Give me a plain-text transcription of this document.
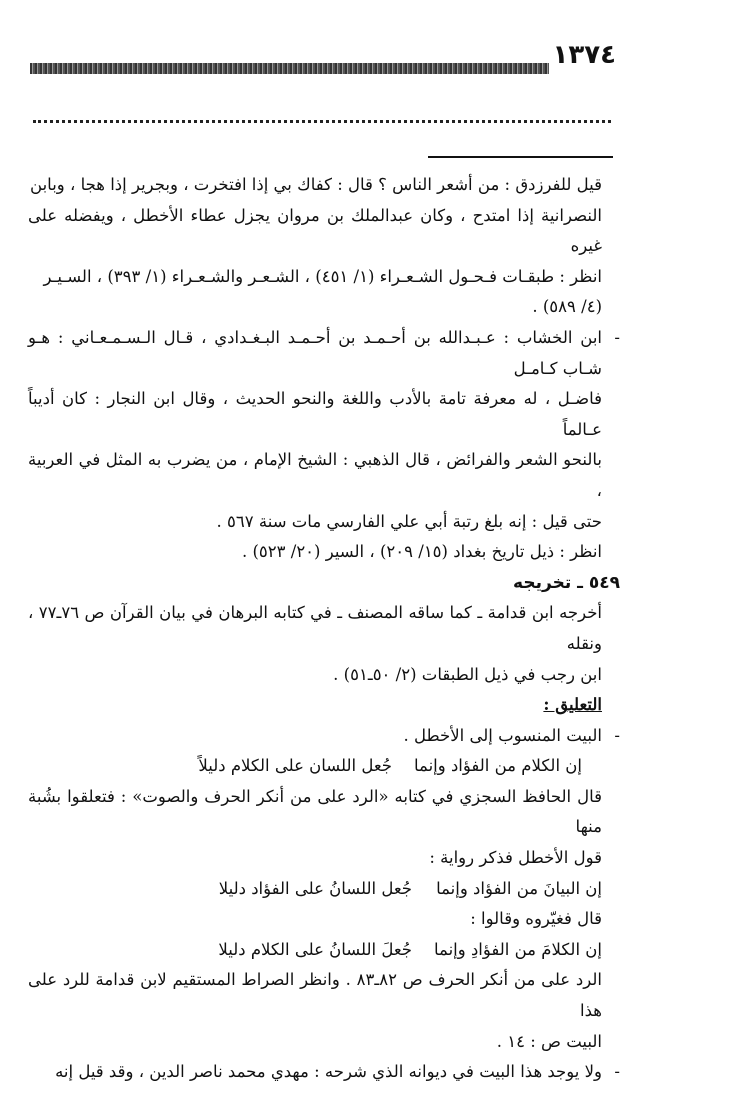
١٣٧٤

قيل للفرزدق : من أشعر الناس ؟ قال : كفاك بي إذا افتخرت ، وبجرير إذا هجا ، وبابن

النصرانية إذا امتدح ، وكان عبدالملك بن مروان يجزل عطاء الأخطل ، ويفضله على غيره

انظر : طبقـات فـحـول الشـعـراء (١/ ٤٥١) ، الشـعـر والشـعـراء (١/ ٣٩٣) ، السـيـر

(٤/ ٥٨٩) .

-

ابن الخشاب : عـبـدالله بن أحـمـد بن أحـمـد البـغـدادي ، قـال الـسـمـعـاني : هـو شـاب كـامـل

فاضـل ، له معرفة تامة بالأدب واللغة والنحو الحديث ، وقال ابن النجار : كان أديباً عـالماً

بالنحو الشعر والفرائض ، قال الذهبي : الشيخ الإمام ، من يضرب به المثل في العربية ،

حتى قيل : إنه بلغ رتبة أبي علي الفارسي مات سنة ٥٦٧ .

انظر : ذيل تاريخ بغداد (١٥/ ٢٠٩) ، السير (٢٠/ ٥٢٣) .

٥٤٩ ـ تخريجه

أخرجه ابن قدامة ـ كما ساقه المصنف ـ في كتابه البرهان في بيان القرآن ص ٧٦ـ٧٧ ، ونقله

ابن رجب في ذيل الطبقات (٢/ ٥٠ـ٥١) .

التعليق :

-

البيت المنسوب إلى الأخطل .

إن الكلام من الفؤاد وإنما
جُعل اللسان على الكلام دليلاً

قال الحافظ السجزي في كتابه «الرد على من أنكر الحرف والصوت» : فتعلقوا بشُبة منها

قول الأخطل فذكر رواية :

إن البيانَ من الفؤاد وإنما
جُعل اللسانُ على الفؤاد دليلا

قال فغيّروه وقالوا :

إن الكلامَ من الفؤادِ وإنما
جُعلَ اللسانُ على الكلام دليلا

الرد على من أنكر الحرف ص ٨٢ـ٨٣ . وانظر الصراط المستقيم لابن قدامة للرد على هذا

البيت ص : ١٤ .

-

ولا يوجد هذا البيت في ديوانه الذي شرحه : مهدي محمد ناصر الدين ، وقد قيل إنه
